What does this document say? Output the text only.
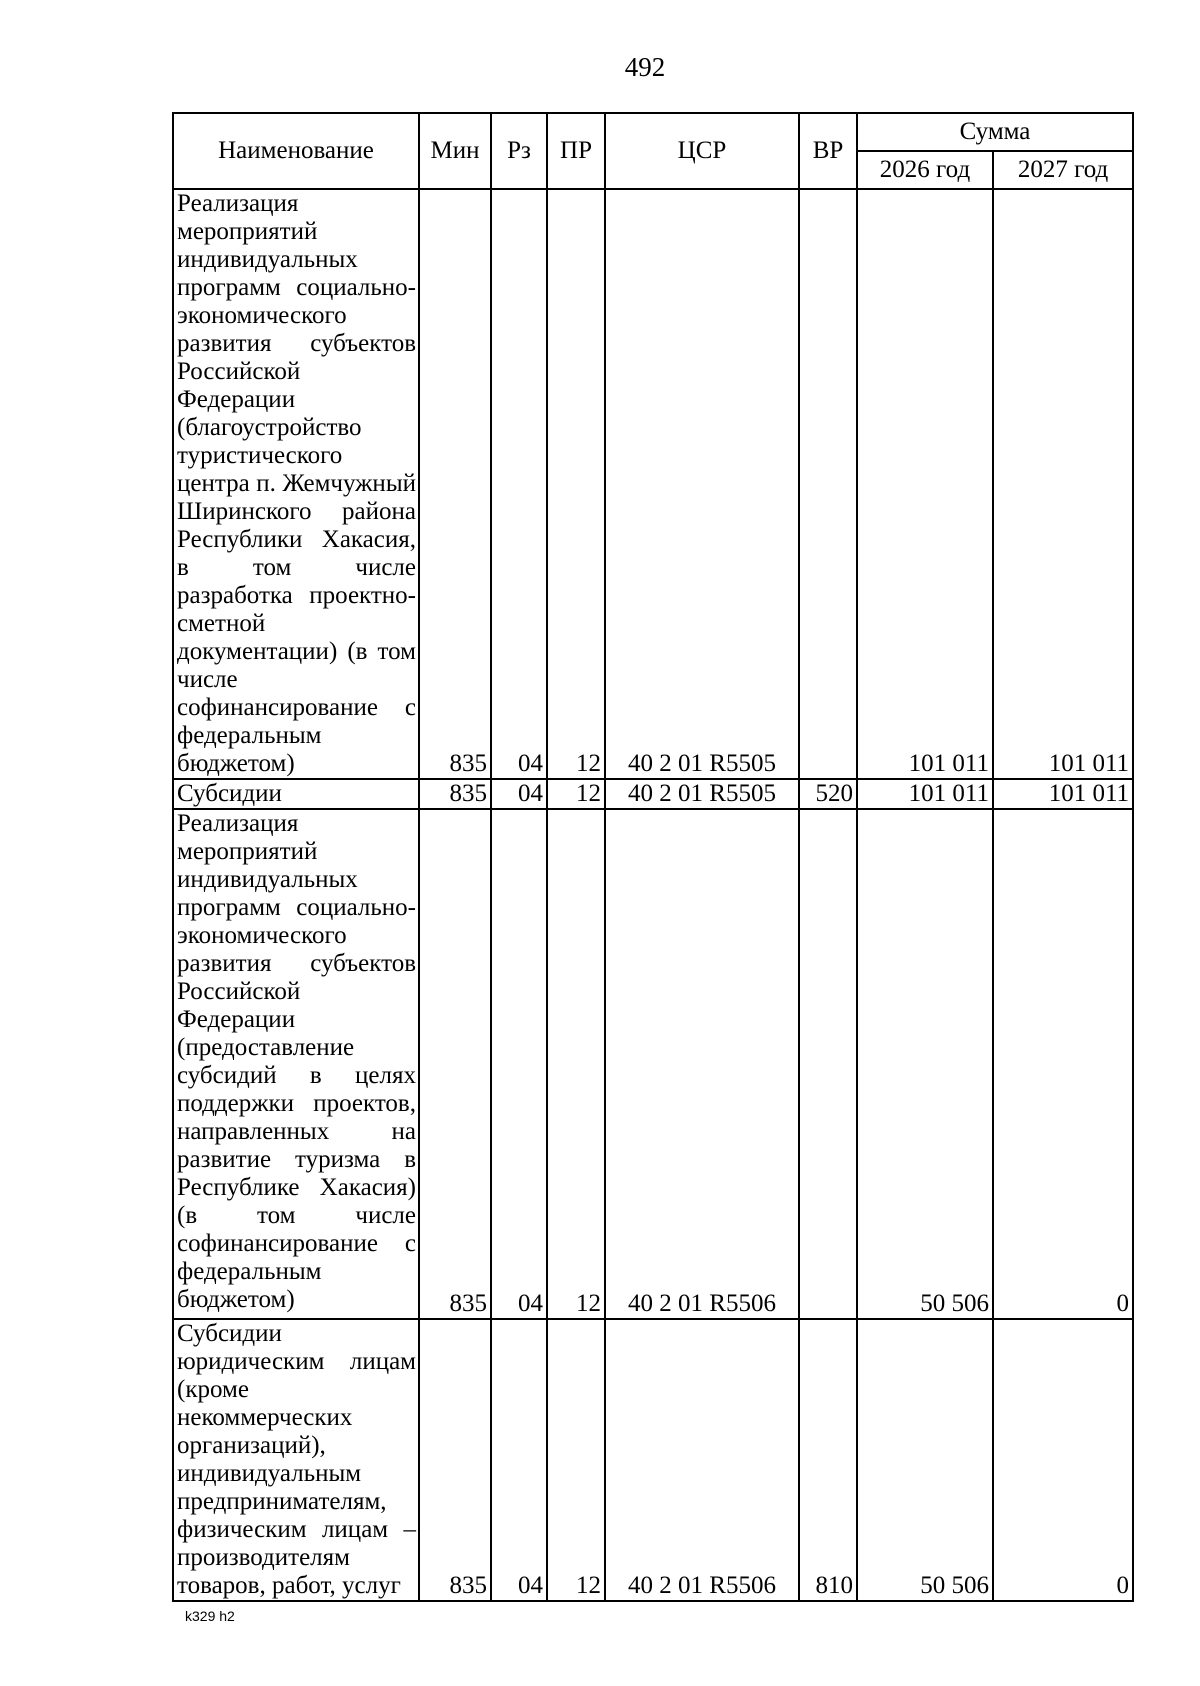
492
Наименование	Мин	Рз	ПР	ЦСР	ВР	Сумма	
						2026 год	2027 год

Реализация мероприятий индивидуальных программ социально-экономического развития субъектов Российской Федерации (благоустройство туристического центра п. Жемчужный Ширинского района Республики Хакасия, в том числе разработка проектно-сметной документации) (в том числе софинансирование с федеральным бюджетом)	835	04	12	40 2 01 R5505		101 011	101 011

Субсидии	835	04	12	40 2 01 R5505	520	101 011	101 011

Реализация мероприятий индивидуальных программ социально-экономического развития субъектов Российской Федерации (предоставление субсидий в целях поддержки проектов, направленных на развитие туризма в Республике Хакасия) (в том числе софинансирование с федеральным бюджетом)	835	04	12	40 2 01 R5506		50 506	0

Субсидии юридическим лицам (кроме некоммерческих организаций), индивидуальным предпринимателям, физическим лицам – производителям товаров, работ, услуг	835	04	12	40 2 01 R5506	810	50 506	0
k329 h2
